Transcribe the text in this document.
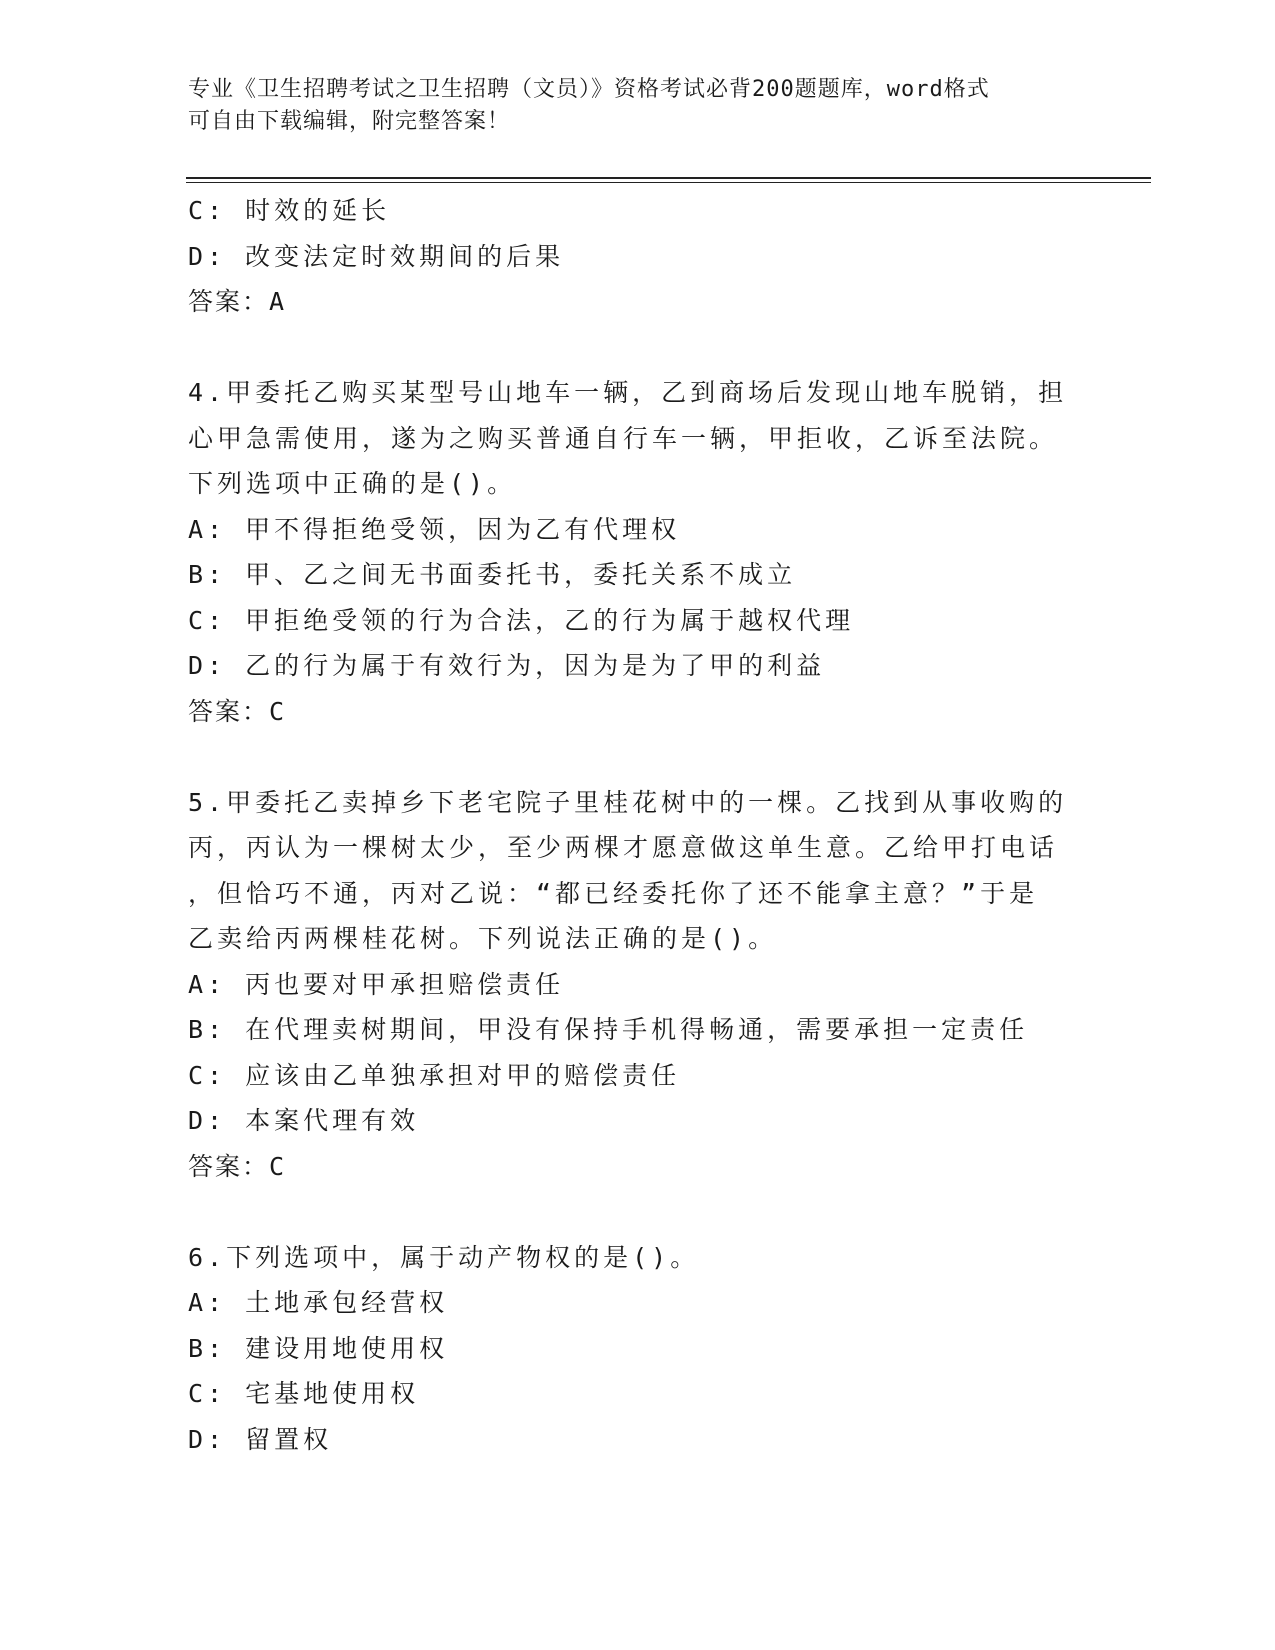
专业《卫生招聘考试之卫生招聘（文员）》资格考试必背200题题库，word格式
可自由下载编辑，附完整答案！
C: 时效的延长
D: 改变法定时效期间的后果
答案：A
4.甲委托乙购买某型号山地车一辆，乙到商场后发现山地车脱销，担
心甲急需使用，遂为之购买普通自行车一辆，甲拒收，乙诉至法院。
下列选项中正确的是()。
A: 甲不得拒绝受领，因为乙有代理权
B: 甲、乙之间无书面委托书，委托关系不成立
C: 甲拒绝受领的行为合法，乙的行为属于越权代理
D: 乙的行为属于有效行为，因为是为了甲的利益
答案：C
5.甲委托乙卖掉乡下老宅院子里桂花树中的一棵。乙找到从事收购的
丙，丙认为一棵树太少，至少两棵才愿意做这单生意。乙给甲打电话
，但恰巧不通，丙对乙说：“都已经委托你了还不能拿主意？”于是
乙卖给丙两棵桂花树。下列说法正确的是()。
A: 丙也要对甲承担赔偿责任
B: 在代理卖树期间，甲没有保持手机得畅通，需要承担一定责任
C: 应该由乙单独承担对甲的赔偿责任
D: 本案代理有效
答案：C
6.下列选项中，属于动产物权的是()。
A: 土地承包经营权
B: 建设用地使用权
C: 宅基地使用权
D: 留置权
